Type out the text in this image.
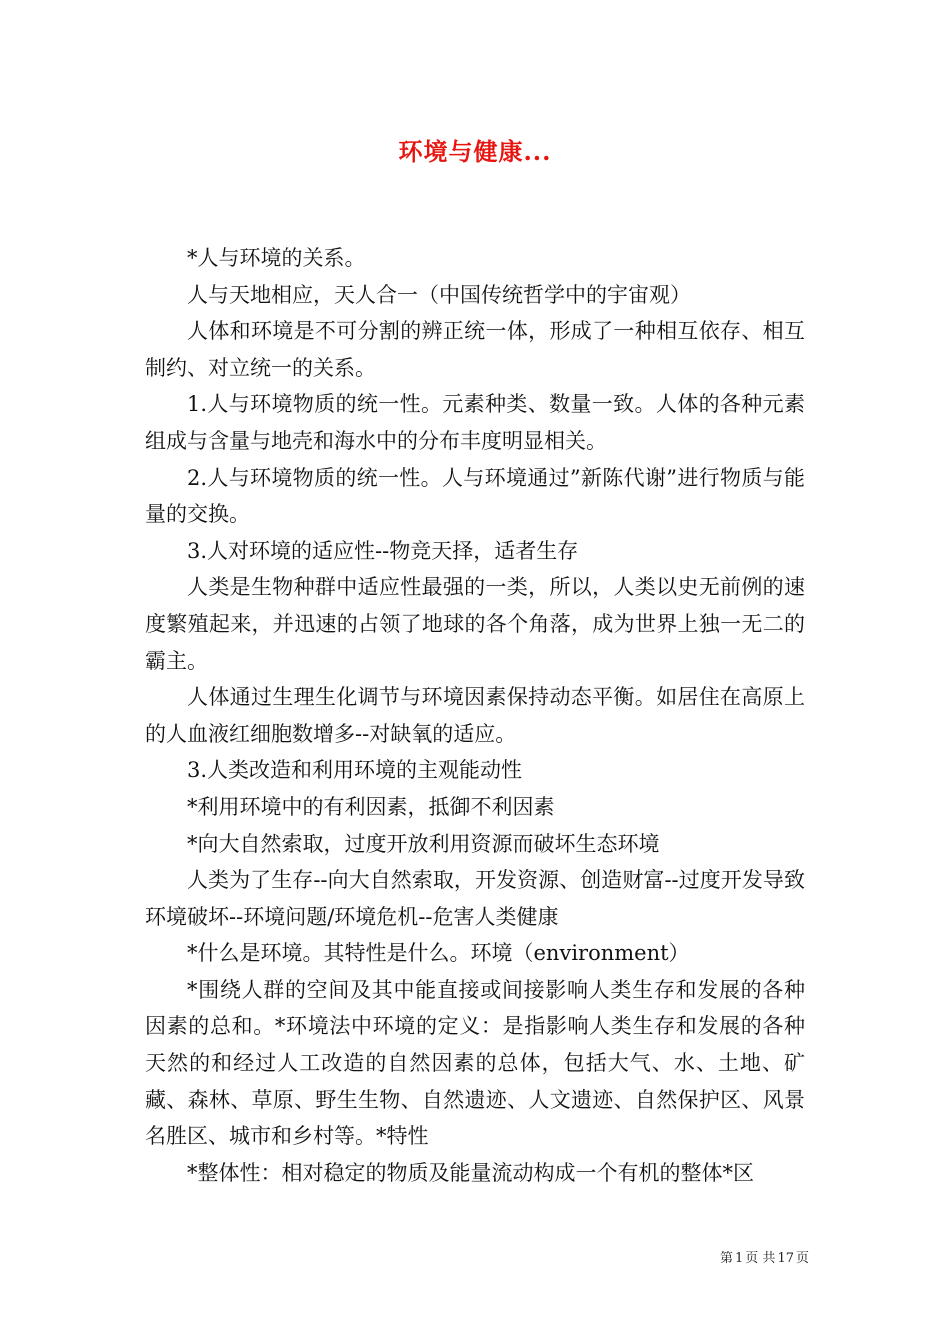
环境与健康...

*人与环境的关系。

人与天地相应，天人合一（中国传统哲学中的宇宙观）

人体和环境是不可分割的辨正统一体，形成了一种相互依存、相互制约、对立统一的关系。

1.人与环境物质的统一性。元素种类、数量一致。人体的各种元素组成与含量与地壳和海水中的分布丰度明显相关。

2.人与环境物质的统一性。人与环境通过”新陈代谢”进行物质与能量的交换。

3.人对环境的适应性--物竞天择，适者生存

人类是生物种群中适应性最强的一类，所以，人类以史无前例的速度繁殖起来，并迅速的占领了地球的各个角落，成为世界上独一无二的霸主。

人体通过生理生化调节与环境因素保持动态平衡。如居住在高原上的人血液红细胞数增多--对缺氧的适应。

3.人类改造和利用环境的主观能动性

*利用环境中的有利因素，抵御不利因素

*向大自然索取，过度开放利用资源而破坏生态环境

人类为了生存--向大自然索取，开发资源、创造财富--过度开发导致环境破坏--环境问题/环境危机--危害人类健康

*什么是环境。其特性是什么。环境（environment）

*围绕人群的空间及其中能直接或间接影响人类生存和发展的各种因素的总和。*环境法中环境的定义：是指影响人类生存和发展的各种天然的和经过人工改造的自然因素的总体，包括大气、水、土地、矿藏、森林、草原、野生生物、自然遗迹、人文遗迹、自然保护区、风景名胜区、城市和乡村等。*特性

*整体性：相对稳定的物质及能量流动构成一个有机的整体*区

第 1 页 共 17 页
